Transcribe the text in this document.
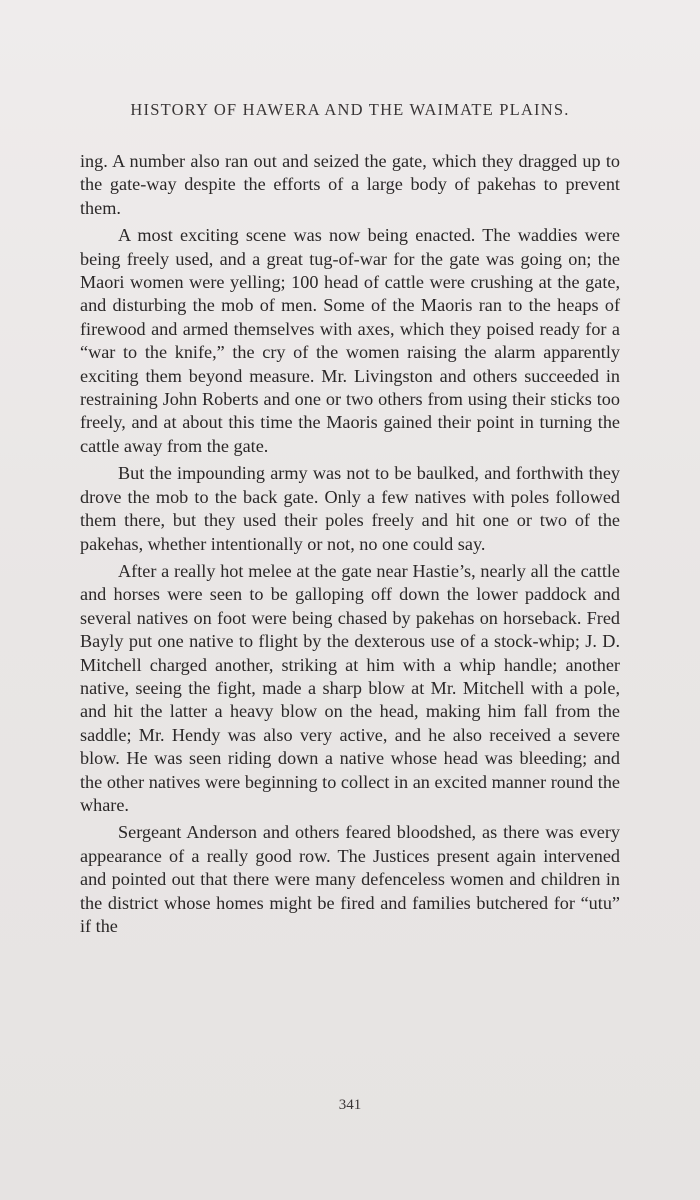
HISTORY OF HAWERA AND THE WAIMATE PLAINS.

ing. A number also ran out and seized the gate, which they dragged up to the gate-way despite the efforts of a large body of pakehas to prevent them.

A most exciting scene was now being enacted. The waddies were being freely used, and a great tug-of-war for the gate was going on; the Maori women were yelling; 100 head of cattle were crushing at the gate, and disturbing the mob of men. Some of the Maoris ran to the heaps of firewood and armed themselves with axes, which they poised ready for a “war to the knife,” the cry of the women raising the alarm apparently exciting them beyond measure. Mr. Livingston and others succeeded in restraining John Roberts and one or two others from using their sticks too freely, and at about this time the Maoris gained their point in turning the cattle away from the gate.

But the impounding army was not to be baulked, and forthwith they drove the mob to the back gate. Only a few natives with poles followed them there, but they used their poles freely and hit one or two of the pakehas, whether intentionally or not, no one could say.

After a really hot melee at the gate near Hastie’s, nearly all the cattle and horses were seen to be galloping off down the lower paddock and several natives on foot were being chased by pakehas on horseback. Fred Bayly put one native to flight by the dexterous use of a stock-whip; J. D. Mitchell charged another, striking at him with a whip handle; another native, seeing the fight, made a sharp blow at Mr. Mitchell with a pole, and hit the latter a heavy blow on the head, making him fall from the saddle; Mr. Hendy was also very active, and he also received a severe blow. He was seen riding down a native whose head was bleeding; and the other natives were beginning to collect in an excited manner round the whare.

Sergeant Anderson and others feared bloodshed, as there was every appearance of a really good row. The Justices present again intervened and pointed out that there were many defenceless women and children in the district whose homes might be fired and families butchered for “utu” if the

341
